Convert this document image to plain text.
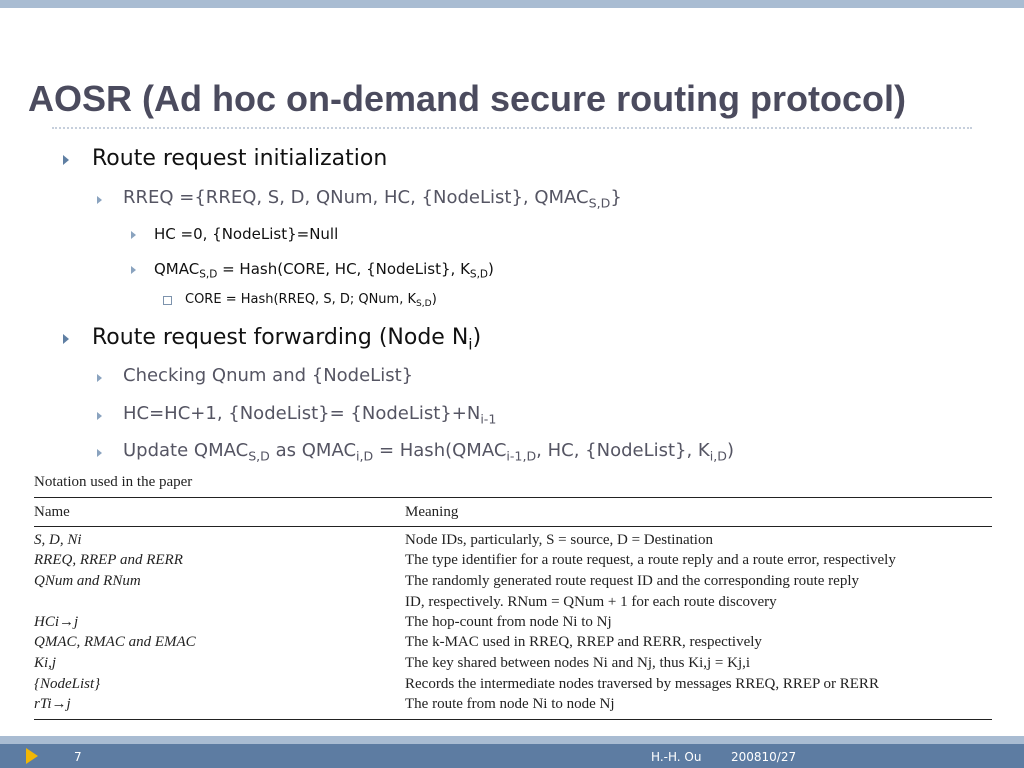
AOSR (Ad hoc on-demand secure routing protocol)
Route request initialization
RREQ ={RREQ, S, D, QNum, HC, {NodeList}, $QMAC_{S,D}$}
HC =0, {NodeList}=Null
$QMAC_{S,D}$ = Hash(CORE, HC, {NodeList}, $K_{S,D}$)
CORE = Hash(RREQ, S, D; QNum, $K_{S,D}$)
Route request forwarding (Node $N_i$)
Checking Qnum and {NodeList}
HC=HC+1, {NodeList}= $\{NodeList\}+N_{i-1}$
Update $QMAC_{S,D}$ as $QMAC_{i,D}$ = $Hash(QMAC_{i-1,D}$, HC, {NodeList}, $K_{i,D}$)
Notation used in the paper
Name	Meaning
S, D, Ni	Node IDs, particularly, S = source, D = Destination
RREQ, RREP and RERR	The type identifier for a route request, a route reply and a route error, respectively
QNum and RNum	The randomly generated route request ID and the corresponding route reply
ID, respectively. RNum = QNum + 1 for each route discovery
HCi→j	The hop-count from node Ni to Nj
QMAC, RMAC and EMAC	The k-MAC used in RREQ, RREP and RERR, respectively
Ki,j	The key shared between nodes Ni and Nj, thus Ki,j = Kj,i
{NodeList}	Records the intermediate nodes traversed by messages RREQ, RREP or RERR
rTi→j	The route from node Ni to node Nj
7	H.-H. Ou 200810/27
